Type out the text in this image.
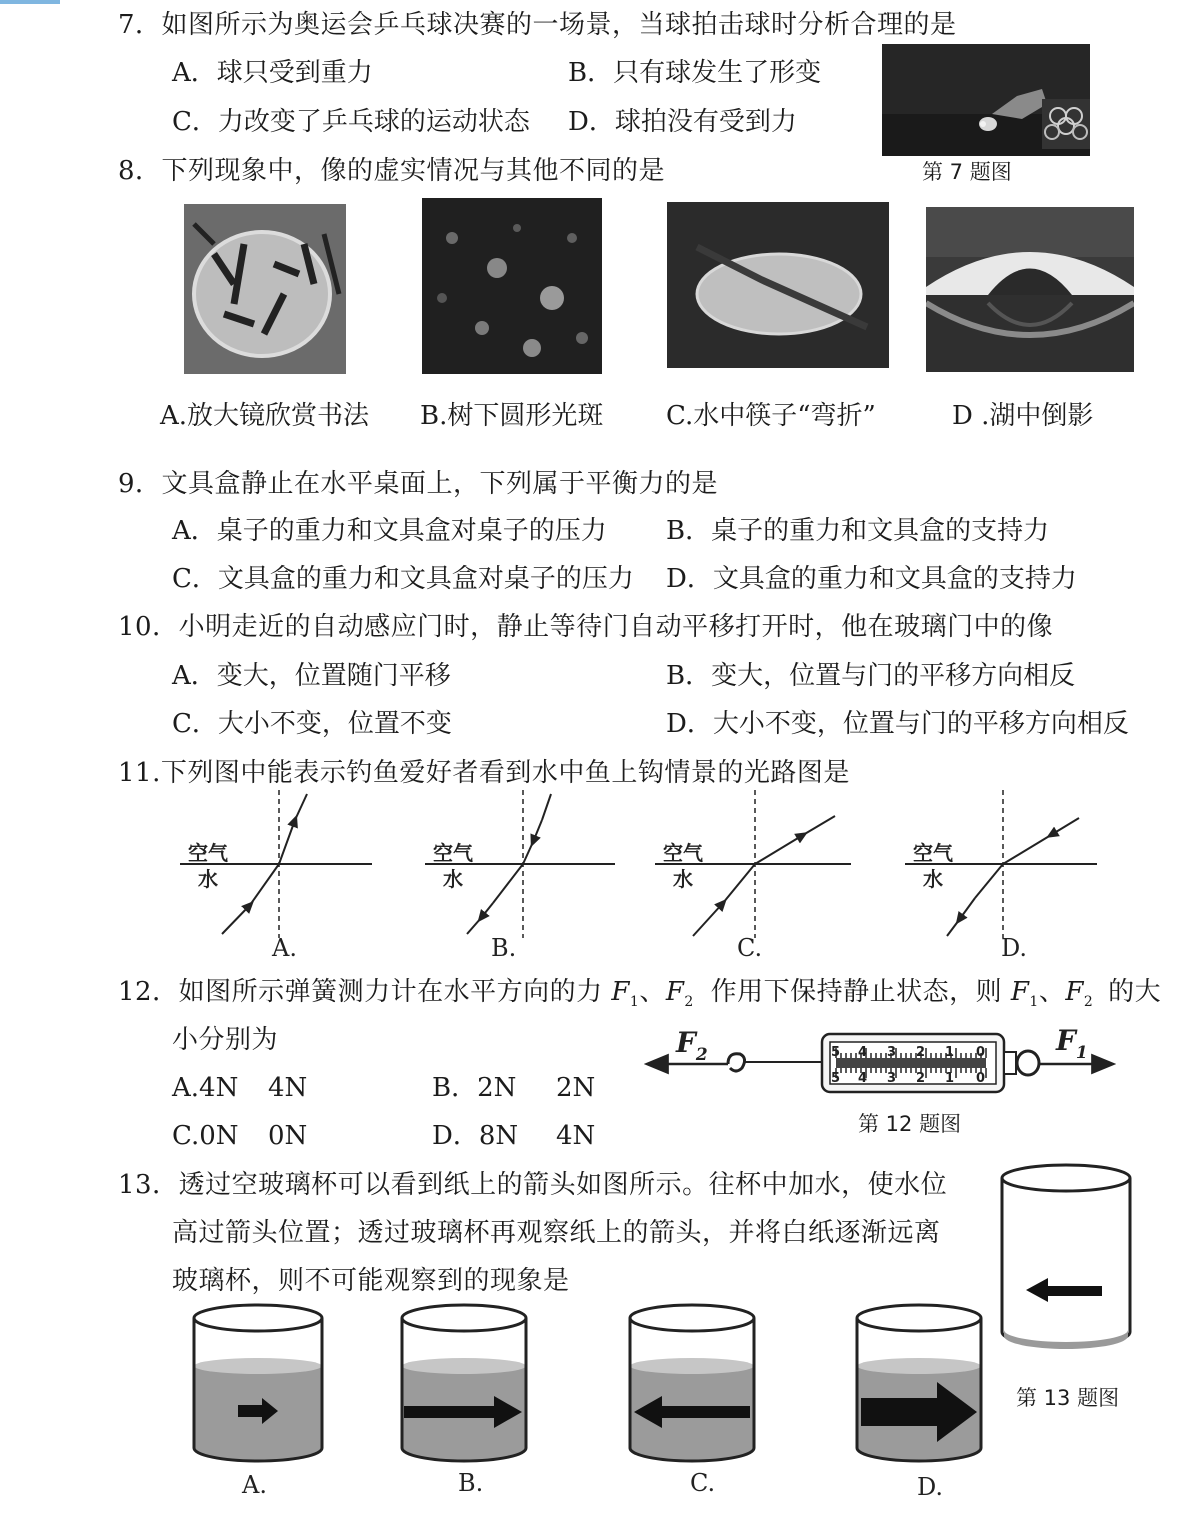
7．如图所示为奥运会乒乓球决赛的一场景，当球拍击球时分析合理的是
A．球只受到重力	B．只有球发生了形变
C．力改变了乒乓球的运动状态 D．球拍没有受到力
第 7 题图
8．下列现象中，像的虚实情况与其他不同的是
A.放大镜欣赏书法 B.树下圆形光斑 C.水中筷子“弯折”	D .湖中倒影
9．文具盒静止在水平桌面上，下列属于平衡力的是
A．桌子的重力和文具盒对桌子的压力 B．桌子的重力和文具盒的支持力
C．文具盒的重力和文具盒对桌子的压力 D．文具盒的重力和文具盒的支持力
10．小明走近的自动感应门时，静止等待门自动平移打开时，他在玻璃门中的像
A．变大，位置随门平移	B．变大，位置与门的平移方向相反
C．大小不变，位置不变	D．大小不变，位置与门的平移方向相反
11.下列图中能表示钓鱼爱好者看到水中鱼上钩情景的光路图是
空气
水
A.
空气
水
B.
空气
水
C.
空气
水
D.
12．如图所示弹簧测力计在水平方向的力 $F_1$、$F_2$ 作用下保持静止状态，则 $F_1$、$F_2$ 的大
小分别为
A.4N 4N	B．2N 2N
C.0N 0N	D．8N 4N
$F_2$	5 4 3 2 1 0
5 4 3 2 1 0
$F_1$
第 12 题图
13．透过空玻璃杯可以看到纸上的箭头如图所示。往杯中加水，使水位
高过箭头位置；透过玻璃杯再观察纸上的箭头，并将白纸逐渐远离
玻璃杯，则不可能观察到的现象是
第 13 题图
A.	B.	C.	D.
